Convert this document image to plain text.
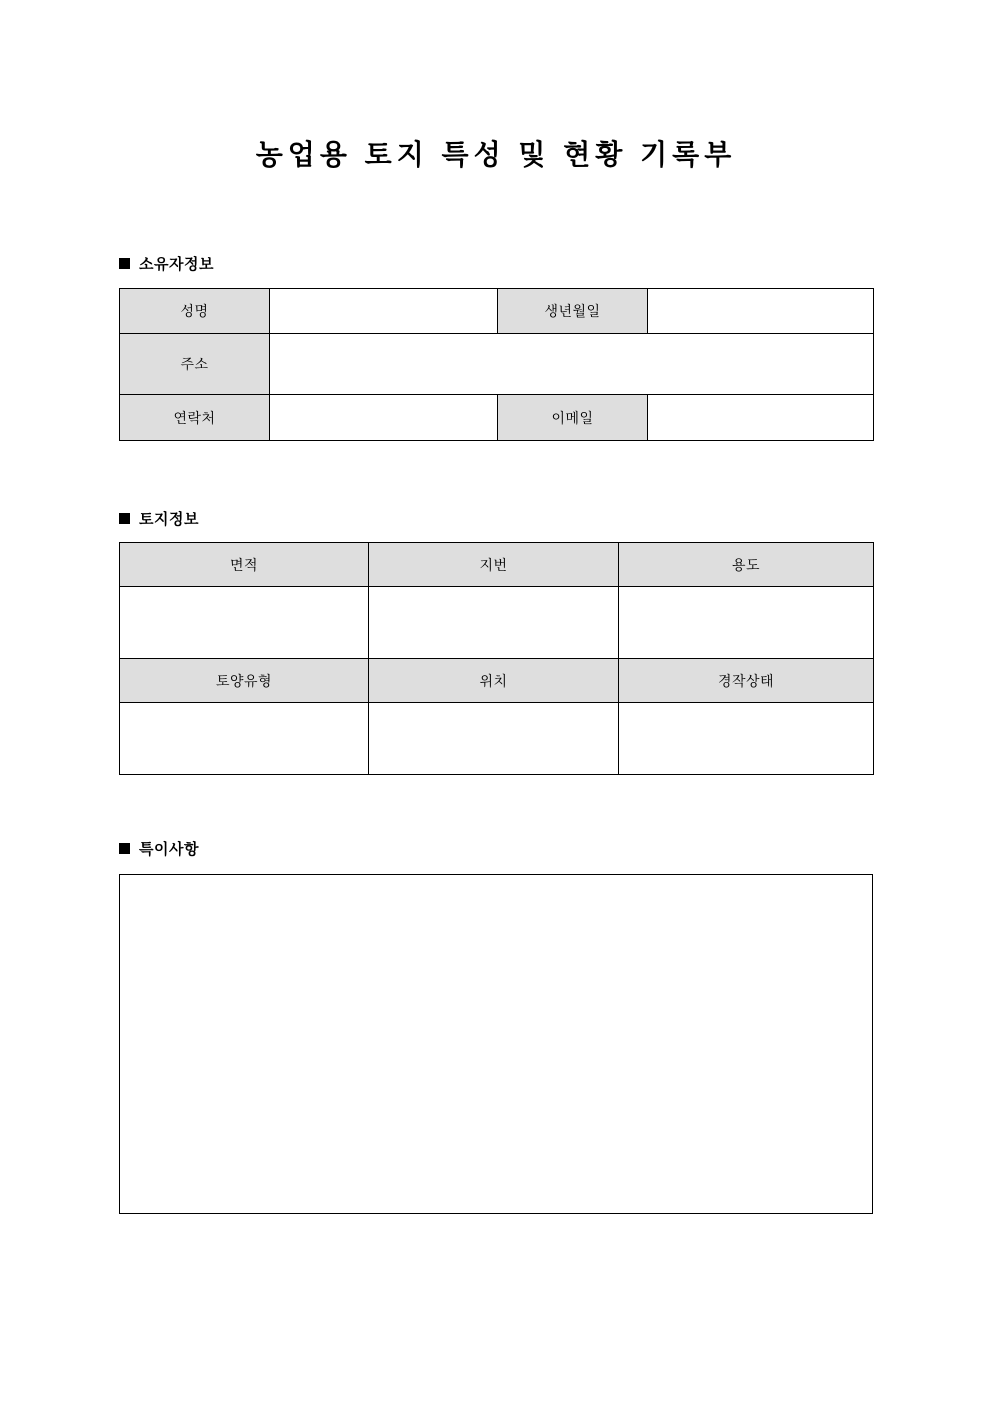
농업용 토지 특성 및 현황 기록부
소유자정보
성명		생년월일	
주소			
연락처		이메일	
토지정보
면적	지번	용도

토양유형	위치	경작상태

특이사항
